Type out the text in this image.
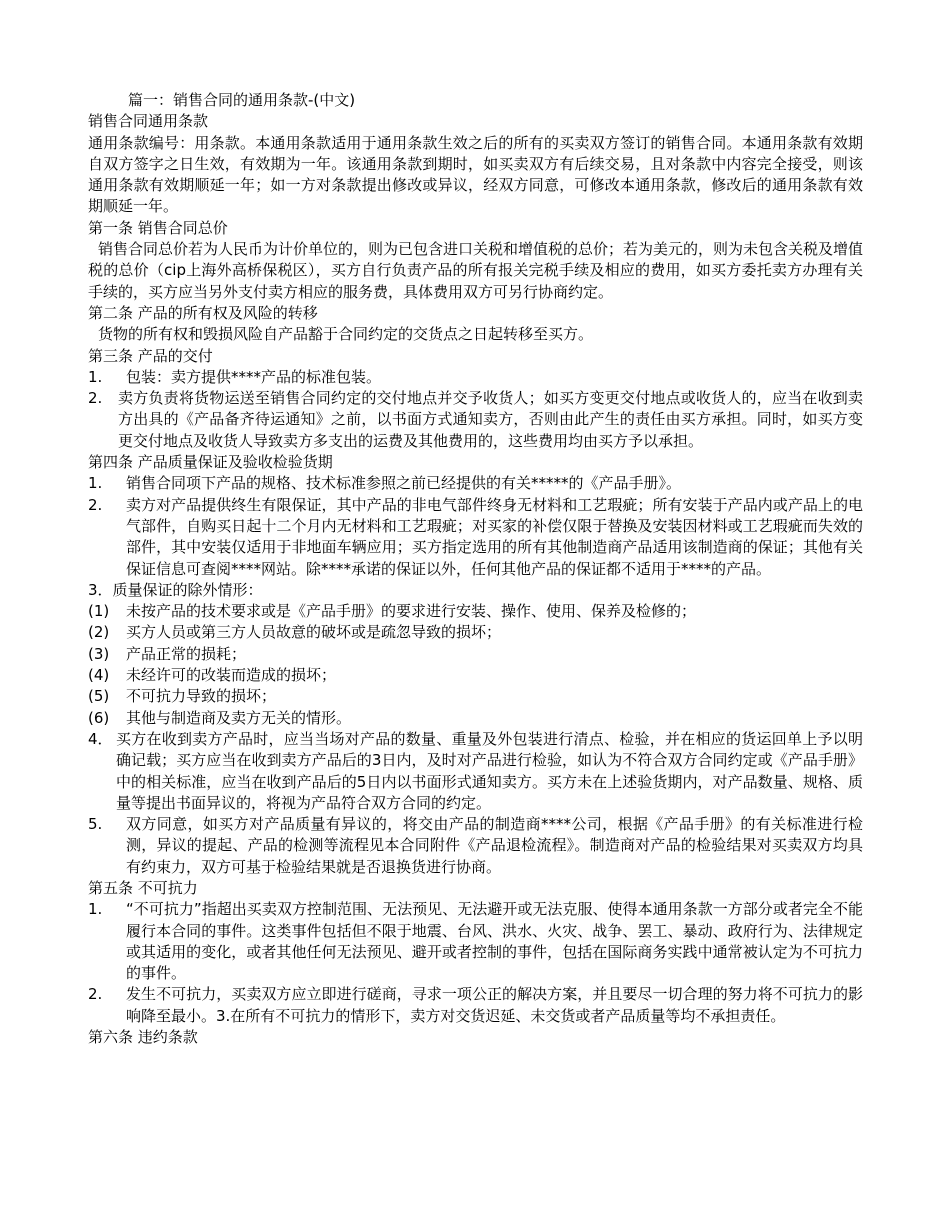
篇一：销售合同的通用条款-(中文)
销售合同通用条款
通用条款编号：用条款。本通用条款适用于通用条款生效之后的所有的买卖双方签订的销售合同。本通用条款有效期自双方签字之日生效，有效期为一年。该通用条款到期时，如买卖双方有后续交易，且对条款中内容完全接受，则该通用条款有效期顺延一年；如一方对条款提出修改或异议，经双方同意，可修改本通用条款，修改后的通用条款有效期顺延一年。
第一条 销售合同总价
销售合同总价若为人民币为计价单位的，则为已包含进口关税和增值税的总价；若为美元的，则为未包含关税及增值税的总价（cip上海外高桥保税区），买方自行负责产品的所有报关完税手续及相应的费用，如买方委托卖方办理有关手续的，买方应当另外支付卖方相应的服务费，具体费用双方可另行协商约定。
第二条 产品的所有权及风险的转移
货物的所有权和毁损风险自产品豁于合同约定的交货点之日起转移至买方。
第三条 产品的交付
1.	包装：卖方提供****产品的标准包装。
2.	卖方负责将货物运送至销售合同约定的交付地点并交予收货人；如买方变更交付地点或收货人的，应当在收到卖方出具的《产品备齐待运通知》之前，以书面方式通知卖方，否则由此产生的责任由买方承担。同时，如买方变更交付地点及收货人导致卖方多支出的运费及其他费用的，这些费用均由买方予以承担。
第四条 产品质量保证及验收检验货期
1.	销售合同项下产品的规格、技术标准参照之前已经提供的有关*****的《产品手册》。
2.	卖方对产品提供终生有限保证，其中产品的非电气部件终身无材料和工艺瑕疵；所有安装于产品内或产品上的电气部件，自购买日起十二个月内无材料和工艺瑕疵；对买家的补偿仅限于替换及安装因材料或工艺瑕疵而失效的部件，其中安装仅适用于非地面车辆应用；买方指定选用的所有其他制造商产品适用该制造商的保证；其他有关保证信息可查阅****网站。除****承诺的保证以外，任何其他产品的保证都不适用于****的产品。
3．质量保证的除外情形：
(1)	未按产品的技术要求或是《产品手册》的要求进行安装、操作、使用、保养及检修的；
(2)	买方人员或第三方人员故意的破坏或是疏忽导致的损坏；
(3)	产品正常的损耗；
(4)	未经许可的改装而造成的损坏；
(5)	不可抗力导致的损坏；
(6)	其他与制造商及卖方无关的情形。
4． 买方在收到卖方产品时，应当当场对产品的数量、重量及外包装进行清点、检验，并在相应的货运回单上予以明确记载；买方应当在收到卖方产品后的3日内，及时对产品进行检验，如认为不符合双方合同约定或《产品手册》中的相关标准，应当在收到产品后的5日内以书面形式通知卖方。买方未在上述验货期内，对产品数量、规格、质量等提出书面异议的，将视为产品符合双方合同的约定。
5.	双方同意，如买方对产品质量有异议的，将交由产品的制造商****公司，根据《产品手册》的有关标准进行检测，异议的提起、产品的检测等流程见本合同附件《产品退检流程》。制造商对产品的检验结果对买卖双方均具有约束力，双方可基于检验结果就是否退换货进行协商。
第五条 不可抗力
1.	“不可抗力”指超出买卖双方控制范围、无法预见、无法避开或无法克服、使得本通用条款一方部分或者完全不能履行本合同的事件。这类事件包括但不限于地震、台风、洪水、火灾、战争、罢工、暴动、政府行为、法律规定或其适用的变化，或者其他任何无法预见、避开或者控制的事件，包括在国际商务实践中通常被认定为不可抗力的事件。
2.	发生不可抗力，买卖双方应立即进行磋商，寻求一项公正的解决方案，并且要尽一切合理的努力将不可抗力的影响降至最小。3.在所有不可抗力的情形下，卖方对交货迟延、未交货或者产品质量等均不承担责任。
第六条 违约条款
